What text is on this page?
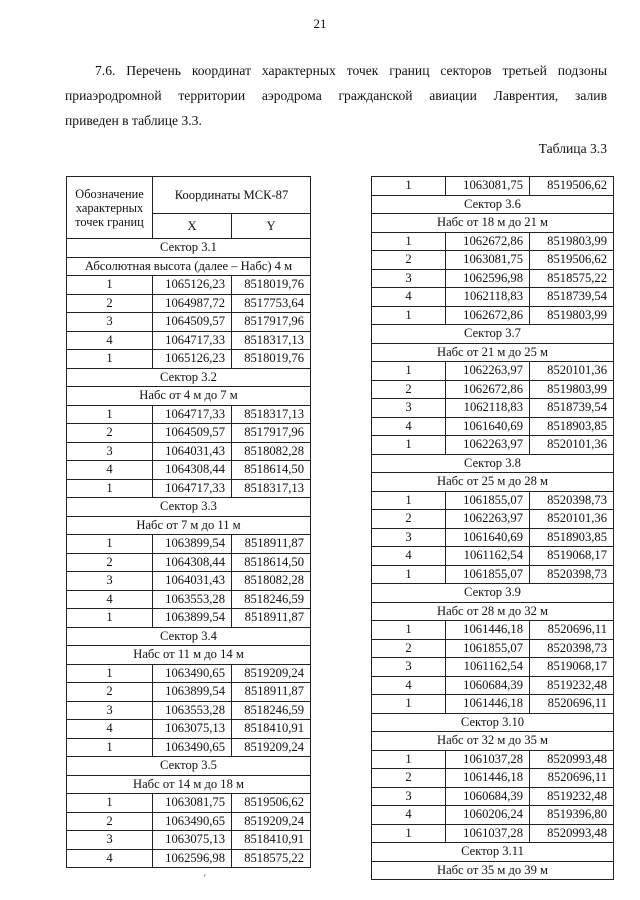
21
7.6. Перечень координат характерных точек границ секторов третьей подзоны
приаэродромной территории аэродрома гражданской авиации Лаврентия, залив
приведен в таблице 3.3.
Таблица 3.3
Обозначение характерных точек границ	Координаты МСК-87	
	X	Y
Сектор 3.1		
Абсолютная высота (далее – Набс) 4 м		
1	1065126,23	8518019,76
2	1064987,72	8517753,64
3	1064509,57	8517917,96
4	1064717,33	8518317,13
1	1065126,23	8518019,76
Сектор 3.2		
Набс от 4 м до 7 м		
1	1064717,33	8518317,13
2	1064509,57	8517917,96
3	1064031,43	8518082,28
4	1064308,44	8518614,50
1	1064717,33	8518317,13
Сектор 3.3		
Набс от 7 м до 11 м		
1	1063899,54	8518911,87
2	1064308,44	8518614,50
3	1064031,43	8518082,28
4	1063553,28	8518246,59
1	1063899,54	8518911,87
Сектор 3.4		
Набс от 11 м до 14 м		
1	1063490,65	8519209,24
2	1063899,54	8518911,87
3	1063553,28	8518246,59
4	1063075,13	8518410,91
1	1063490,65	8519209,24
Сектор 3.5		
Набс от 14 м до 18 м		
1	1063081,75	8519506,62
2	1063490,65	8519209,24
3	1063075,13	8518410,91
4	1062596,98	8518575,22
1	1063081,75	8519506,62
Сектор 3.6		
Набс от 18 м до 21 м		
1	1062672,86	8519803,99
2	1063081,75	8519506,62
3	1062596,98	8518575,22
4	1062118,83	8518739,54
1	1062672,86	8519803,99
Сектор 3.7		
Набс от 21 м до 25 м		
1	1062263,97	8520101,36
2	1062672,86	8519803,99
3	1062118,83	8518739,54
4	1061640,69	8518903,85
1	1062263,97	8520101,36
Сектор 3.8		
Набс от 25 м до 28 м		
1	1061855,07	8520398,73
2	1062263,97	8520101,36
3	1061640,69	8518903,85
4	1061162,54	8519068,17
1	1061855,07	8520398,73
Сектор 3.9		
Набс от 28 м до 32 м		
1	1061446,18	8520696,11
2	1061855,07	8520398,73
3	1061162,54	8519068,17
4	1060684,39	8519232,48
1	1061446,18	8520696,11
Сектор 3.10		
Набс от 32 м до 35 м		
1	1061037,28	8520993,48
2	1061446,18	8520696,11
3	1060684,39	8519232,48
4	1060206,24	8519396,80
1	1061037,28	8520993,48
Сектор 3.11		
Набс от 35 м до 39 м		
'
